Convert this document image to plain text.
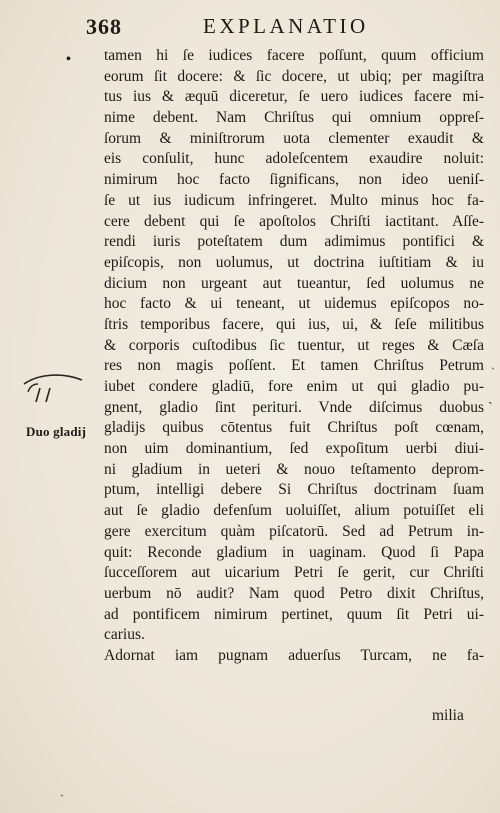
368	EXPLANATIO
•
Duo gladij
tamen hi ſe iudices facere poſſunt, quum officium
eorum ſit docere: & ſic docere, ut ubiq; per magiſtra
tus ius & æquū diceretur, ſe uero iudices facere mi-
nime debent. Nam Chriſtus qui omnium oppreſ-
ſorum & miniſtrorum uota clementer exaudit &
eis conſulit, hunc adoleſcentem exaudire noluit:
nimirum hoc facto ſignificans, non ideo ueniſ-
ſe ut ius iudicum infringeret. Multo minus hoc fa-
cere debent qui ſe apoſtolos Chriſti iactitant. Aſſe-
rendi iuris poteſtatem dum adimimus pontifici &
epiſcopis, non uolumus, ut doctrina iuſtitiam & iu
dicium non urgeant aut tueantur, ſed uolumus ne
hoc facto & ui teneant, ut uidemus epiſcopos no-
ſtris temporibus facere, qui ius, ui, & ſeſe militibus
& corporis cuſtodibus ſic tuentur, ut reges & Cæſa
res non magis poſſent. Et tamen Chriſtus Petrum
iubet condere gladiū, fore enim ut qui gladio pu-
gnent, gladio ſint perituri. Vnde diſcimus duobus
gladijs quibus cōtentus fuit Chriſtus poſt cœnam,
non uim dominantium, ſed expoſitum uerbi diui-
ni gladium in ueteri & nouo teſtamento deprom-
ptum, intelligi debere Si Chriſtus doctrinam ſuam
aut ſe gladio defenſum uoluiſſet, alium potuiſſet eli
gere exercitum quàm piſcatorū. Sed ad Petrum in-
quit: Reconde gladium in uaginam. Quod ſi Papa
ſucceſſorem aut uicarium Petri ſe gerit, cur Chriſti
uerbum nō audit? Nam quod Petro dixit Chriſtus,
ad pontificem nimirum pertinet, quum ſit Petri ui-
carius.
Adornat iam pugnam aduerſus Turcam, ne fa-
milia
ˏ
ˎ
ˋ
